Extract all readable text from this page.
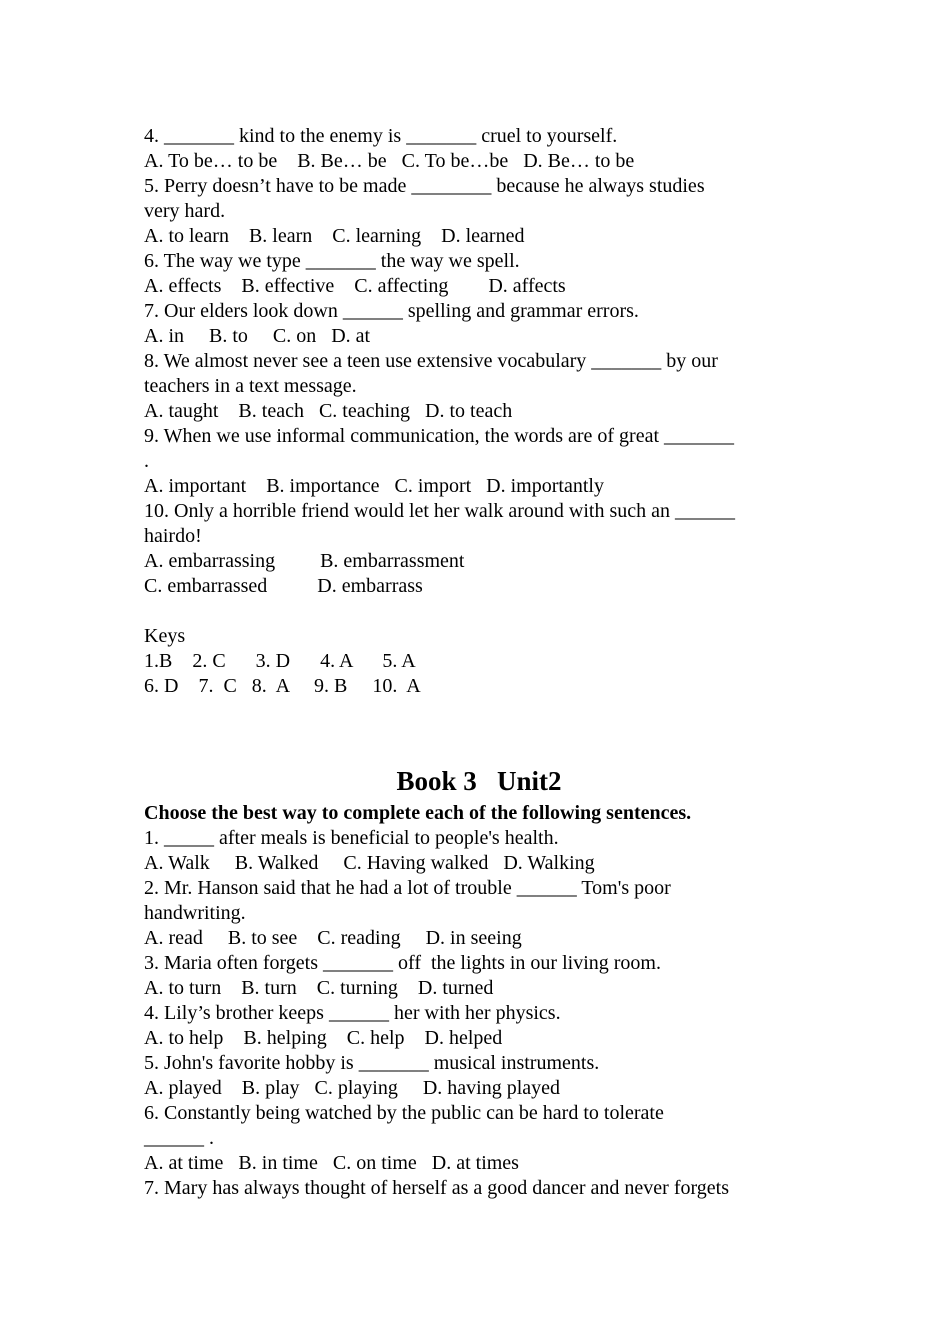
4. _______ kind to the enemy is _______ cruel to yourself.
A. To be… to be    B. Be… be   C. To be…be   D. Be… to be
5. Perry doesn’t have to be made ________ because he always studies
very hard.
A. to learn    B. learn    C. learning    D. learned
6. The way we type _______ the way we spell.
A. effects    B. effective    C. affecting        D. affects
7. Our elders look down ______ spelling and grammar errors.
A. in     B. to     C. on   D. at
8. We almost never see a teen use extensive vocabulary _______ by our
teachers in a text message.
A. taught    B. teach   C. teaching   D. to teach
9. When we use informal communication, the words are of great _______
.
A. important    B. importance   C. import   D. importantly
10. Only a horrible friend would let her walk around with such an ______
hairdo!
A. embarrassing         B. embarrassment
C. embarrassed          D. embarrass
Keys
1.B    2. C      3. D      4. A      5. A
6. D    7.  C   8.  A     9. B     10.  A
Book 3   Unit2
Choose the best way to complete each of the following sentences.
1. _____ after meals is beneficial to people's health.
A. Walk     B. Walked     C. Having walked   D. Walking
2. Mr. Hanson said that he had a lot of trouble ______ Tom's poor
handwriting.
A. read     B. to see    C. reading     D. in seeing
3. Maria often forgets _______ off  the lights in our living room.
A. to turn    B. turn    C. turning    D. turned
4. Lily’s brother keeps ______ her with her physics.
A. to help    B. helping    C. help    D. helped
5. John's favorite hobby is _______ musical instruments.
A. played    B. play   C. playing     D. having played
6. Constantly being watched by the public can be hard to tolerate
______ .
A. at time   B. in time   C. on time   D. at times
7. Mary has always thought of herself as a good dancer and never forgets
